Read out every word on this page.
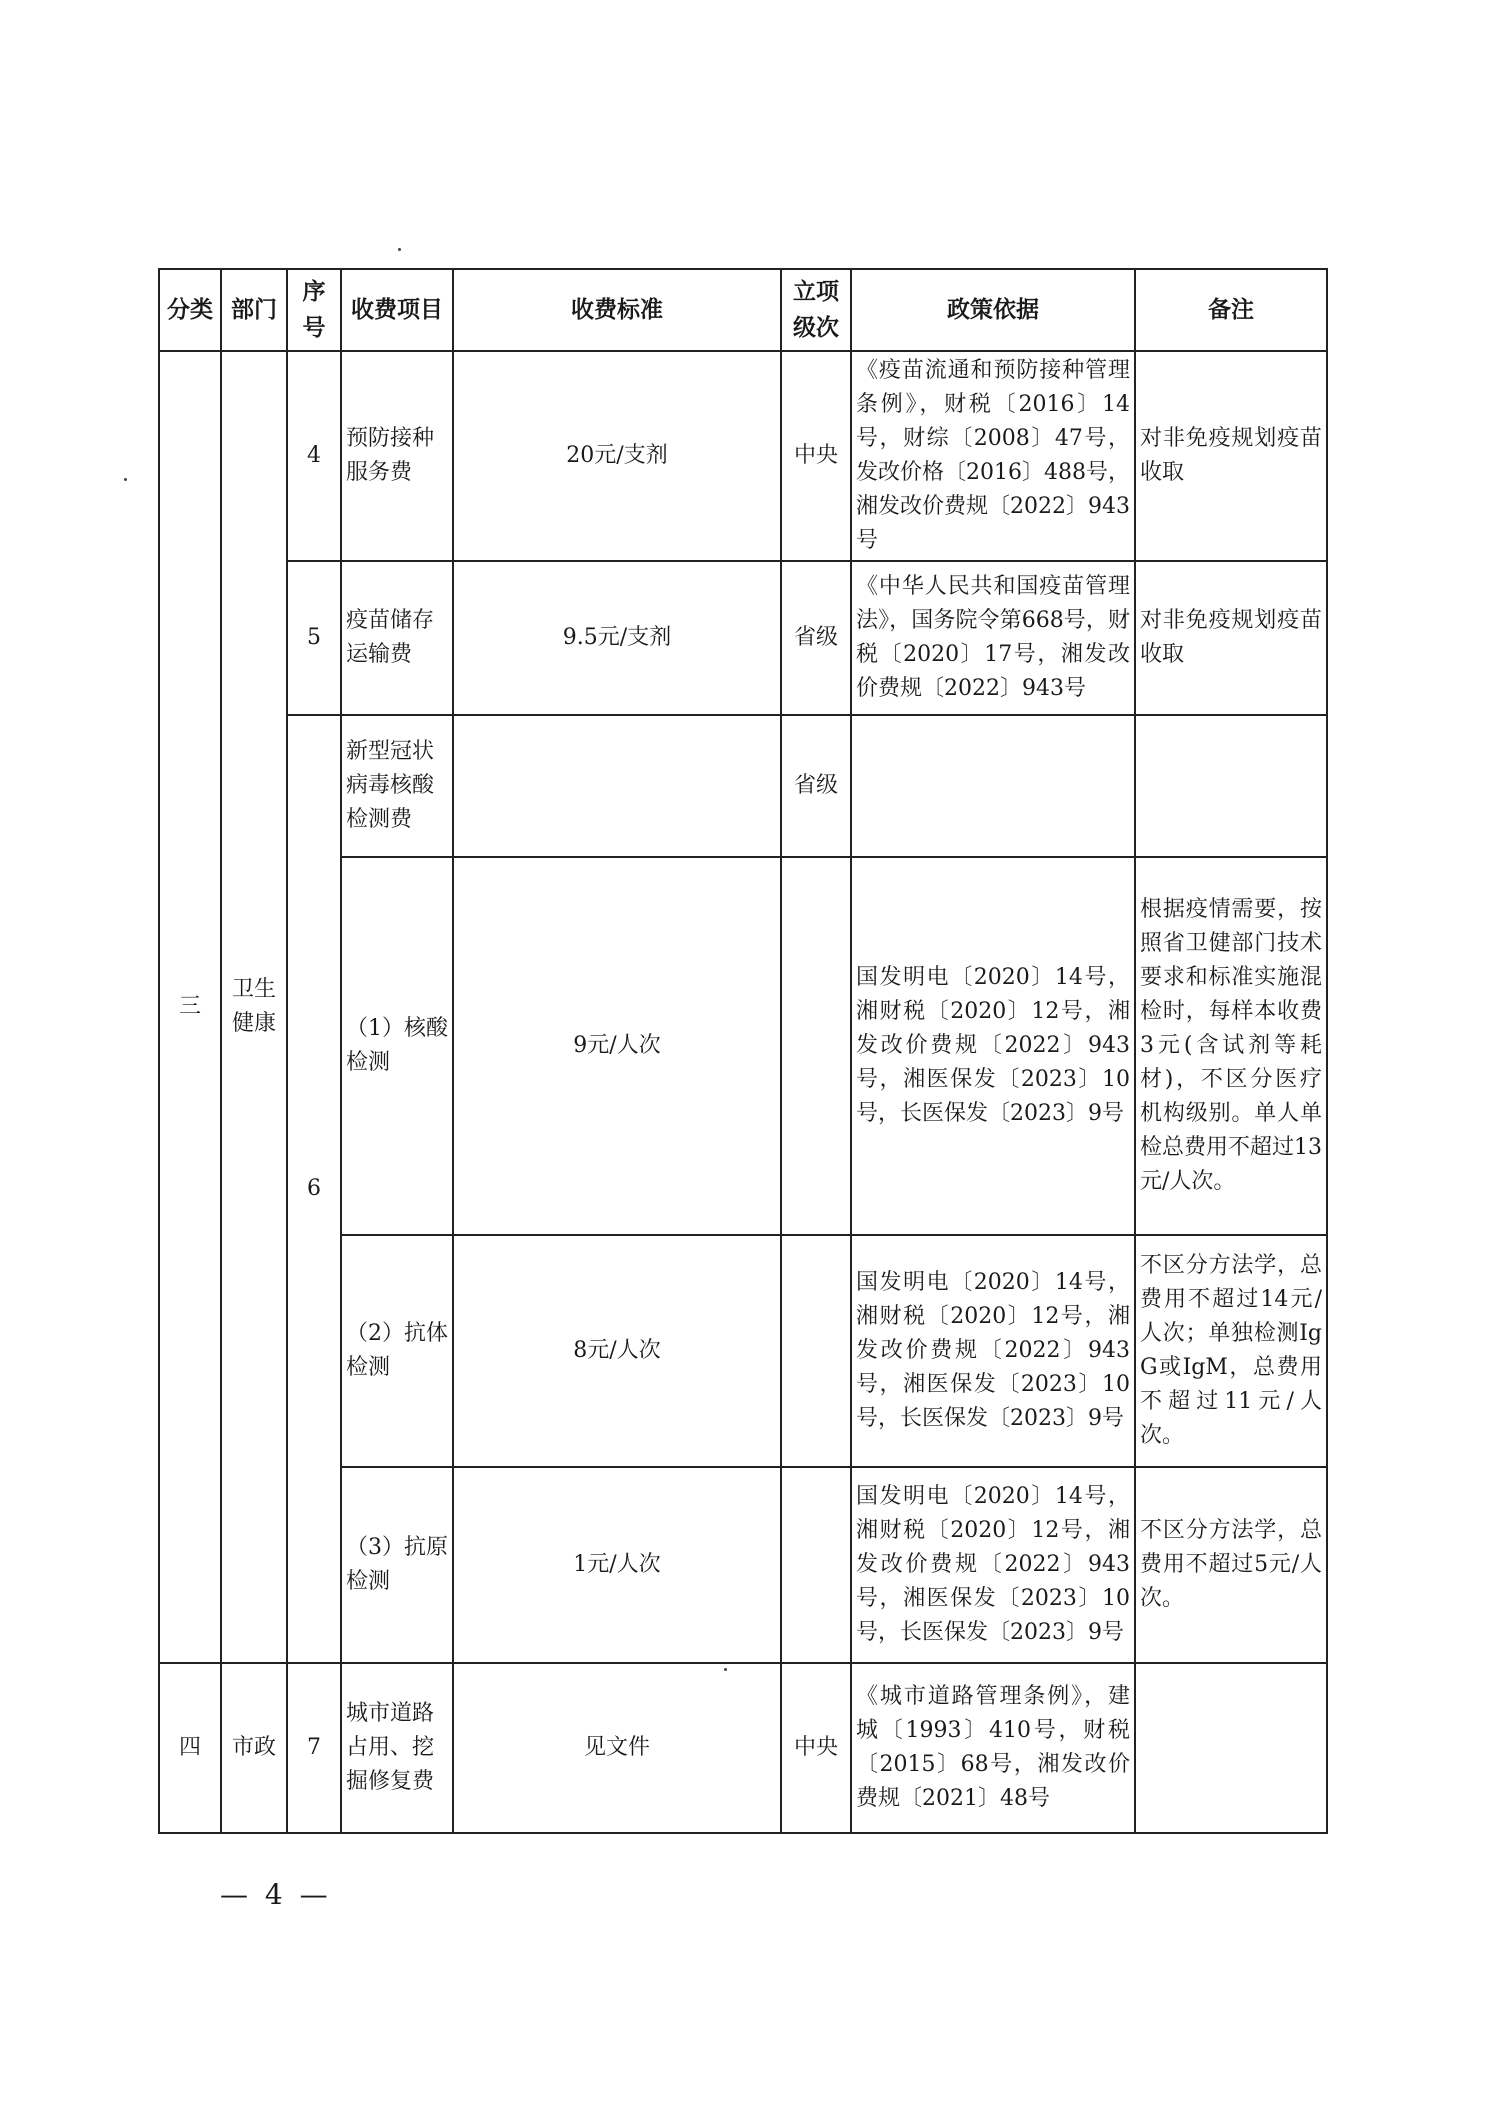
分类	部门	序号	收费项目	收费标准	立项级次	政策依据	备注
三	卫生健康	4	预防接种服务费	20元/支剂	中央	《疫苗流通和预防接种管理条例》，财税〔2016〕14号，财综〔2008〕47号，发改价格〔2016〕488号，湘发改价费规〔2022〕943号	对非免疫规划疫苗收取
		5	疫苗储存运输费	9.5元/支剂	省级	《中华人民共和国疫苗管理法》，国务院令第668号，财税〔2020〕17号，湘发改价费规〔2022〕943号	对非免疫规划疫苗收取
		6	新型冠状病毒核酸检测费		省级		
			（1）核酸检测	9元/人次		国发明电〔2020〕14号，湘财税〔2020〕12号，湘发改价费规〔2022〕943号，湘医保发〔2023〕10号，长医保发〔2023〕9号	根据疫情需要，按照省卫健部门技术要求和标准实施混检时，每样本收费3元(含试剂等耗材)，不区分医疗机构级别。单人单检总费用不超过13元/人次。
			（2）抗体检测	8元/人次		国发明电〔2020〕14号，湘财税〔2020〕12号，湘发改价费规〔2022〕943号，湘医保发〔2023〕10号，长医保发〔2023〕9号	不区分方法学，总费用不超过14元/人次；单独检测IgG或IgM，总费用不超过11元/人次。
			（3）抗原检测	1元/人次		国发明电〔2020〕14号，湘财税〔2020〕12号，湘发改价费规〔2022〕943号，湘医保发〔2023〕10号，长医保发〔2023〕9号	不区分方法学，总费用不超过5元/人次。
四	市政	7	城市道路占用、挖掘修复费	见文件	中央	《城市道路管理条例》，建城〔1993〕410号，财税〔2015〕68号，湘发改价费规〔2021〕48号	
— 4 —
